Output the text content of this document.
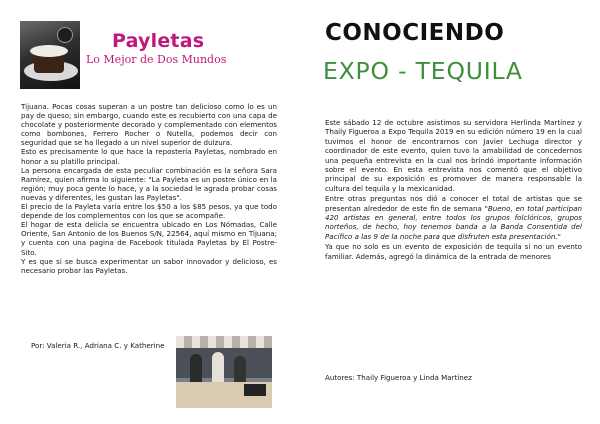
Payletas
Lo Mejor de Dos Mundos

Tijuana. Pocas cosas superan a un postre tan delicioso como lo es un pay de queso; sin embargo, cuando este es recubierto con una capa de chocolate y posteriormente decorado y complementado con elementos como bombones, Ferrero Rocher o Nutella, podemos decir con seguridad que se ha llegado a un nivel superior de dulzura.

Esto es precisamente lo que hace la repostería Payletas, nombrado en honor a su platillo principal.

La persona encargada de esta peculiar combinación es la señora Sara Ramírez, quien afirma lo siguiente: "La Payleta es un postre único en la región; muy poca gente lo hace, y a la sociedad le agrada probar cosas nuevas y diferentes, les gustan las Payletas".

El precio de la Payleta varía entre los $50 a los $85 pesos, ya que todo depende de los complementos con los que se acompañe.

El hogar de esta delicia se encuentra ubicado en Los Nómadas, Calle Oriente, San Antonio de los Buenos S/N, 22564, aquí mismo en Tijuana; y cuenta con una pagina de Facebook titulada Payletas by El Postre-Sito.

Y es que si se busca experimentar un sabor innovador y delicioso, es necesario probar las Payletas.

Por: Valeria R., Adriana C. y Katherine
CONOCIENDO
EXPO - TEQUILA

Este sábado 12 de octubre asistimos su servidora Herlinda Martínez y Thaily Figueroa a Expo Tequila 2019 en su edición número 19 en la cual tuvimos el honor de encontrarnos con Javier Lechuga director y coordinador de este evento, quien tuvo la amabilidad de concedernos una pequeña entrevista en la cual nos brindó importante información sobre el evento. En esta entrevista nos comentó que el objetivo principal de su exposición es promover de manera responsable la cultura del tequila y la mexicanidad.

Entre otras preguntas nos dió a conocer el total de artistas que se presentan alrededor de este fin de semana "Bueno, en total participan 420 artistas en general, entre todos los grupos folclóricos, grupos norteños, de hecho, hoy tenemos banda a la Banda Consentida del Pacífico a las 9 de la noche para que disfruten esta presentación."

Ya que no solo es un evento de exposición de tequila si no un evento familiar. Además, agregó la dinámica de la entrada de menores

Autores: Thaily Figueroa y Linda Martínez
